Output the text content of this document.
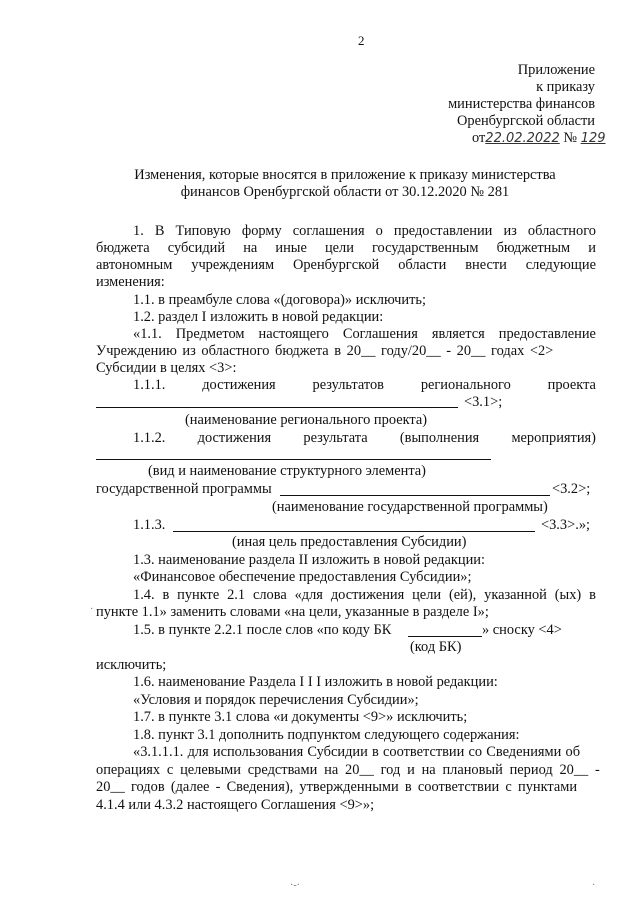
2
Приложение
к приказу
министерства финансов
Оренбургской области
от22.02.2022 № 129
Изменения, которые вносятся в приложение к приказу министерства
финансов Оренбургской области от 30.12.2020 № 281
1. В Типовую форму соглашения о предоставлении из областного
бюджета субсидий на иные цели государственным бюджетным и
автономным учреждениям Оренбургской области внести следующие
изменения:
1.1. в преамбуле слова «(договора)» исключить;
1.2. раздел I изложить в новой редакции:
«1.1. Предметом настоящего Соглашения является предоставление
Учреждению из областного бюджета в 20__ году/20__ - 20__ годах <2>
Субсидии в целях <3>:
1.1.1.	достижения	результатов	регионального	проекта
<3.1>;
(наименование регионального проекта)
1.1.2. достижения результата (выполнения мероприятия)
(вид и наименование структурного элемента)
государственной программы	<3.2>;
(наименование государственной программы)
1.1.3.	<3.3>.»;
(иная цель предоставления Субсидии)
1.3. наименование раздела II изложить в новой редакции:
«Финансовое обеспечение предоставления Субсидии»;
1.4. в пункте 2.1 слова «для достижения цели (ей), указанной (ых) в
пункте 1.1» заменить словами «на цели, указанные в разделе I»;
1.5. в пункте 2.2.1 после слов «по коду БК	» сноску <4>
(код БК)
исключить;
1.6. наименование Раздела I I I изложить в новой редакции:
«Условия и порядок перечисления Субсидии»;
1.7. в пункте 3.1 слова «и документы <9>» исключить;
1.8. пункт 3.1 дополнить подпунктом следующего содержания:
«3.1.1.1. для использования Субсидии в соответствии со Сведениями об
операциях с целевыми средствами на 20__ год и на плановый период 20__ -
20__ годов (далее - Сведения), утвержденными в соответствии с пунктами
4.1.4 или 4.3.2 настоящего Соглашения <9>»;
·-·	·
·
